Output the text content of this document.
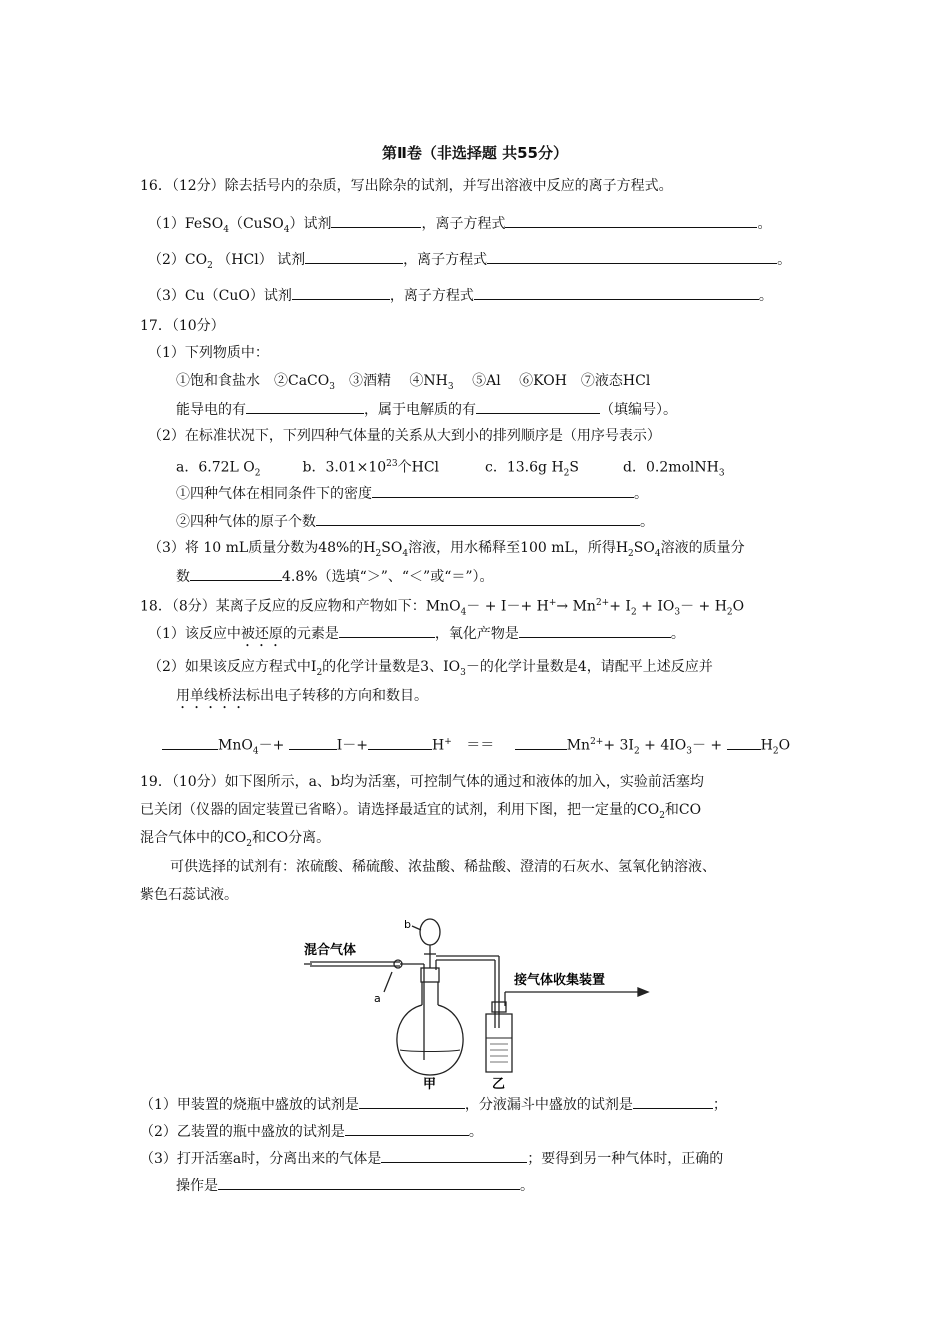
第Ⅱ卷（非选择题 共55分）
16．（12分）除去括号内的杂质，写出除杂的试剂，并写出溶液中反应的离子方程式。
（1）FeSO$_4$（CuSO$_4$）试剂	，离子方程式	。
$(2)CO_2$ （HCl） 试剂	，离子方程式	。
（3）Cu（CuO）试剂	，离子方程式	。
17．（10分）
（1）下列物质中：
①饱和食盐水　②CaCO$_3$　③酒精　 $④NH_3$　 ⑤Al　 ⑥KOH　⑦液态HCl
能导电的有	，属于电解质的有	（填编号）。
（2）在标准状况下，下列四种气体量的关系从大到小的排列顺序是（用序号表示）
a．6.72L $O_2$	b．$3.01\times 10^{23}$个HCl	c．13.6g $H_2S$	d．0.2molNH$_3$
①四种气体在相同条件下的密度	。
②四种气体的原子个数	。
（3）将 10 mL质量分数为48%的$H_2SO_4$溶液，用水稀释至100 mL，所得$H_2SO_4$溶液的质量分
数	4.8%（选填“＞”、“＜”或“＝”）。
18．（8分）某离子反应的反应物和产物如下：$MnO_4- + I-+ H^+\to Mn^{2+}+ I_2 + IO_3- + H_2O$
（1）该反应中被还原的元素是	，氧化产物是	。
（2）如果该反应方程式中$I_2$的化学计量数是3、$IO_3-$的化学计量数是4，请配平上述反应并
用单线桥法标出电子转移的方向和数目。
MnO$_4$－+	I－+	H+ ＝＝	$Mn^{2+}+ 3I_2 + 4IO_3-$ +	$H_2O$
19．（10分）如下图所示，a、b均为活塞，可控制气体的通过和液体的加入，实验前活塞均
已关闭（仪器的固定装置已省略）。请选择最适宜的试剂，利用下图，把一定量的$CO_2$和CO
混合气体中的$CO_2$和CO分离。
可供选择的试剂有：浓硫酸、稀硫酸、浓盐酸、稀盐酸、澄清的石灰水、氢氧化钠溶液、
紫色石蕊试液。
混合气体
接气体收集装置
b
a
甲	乙
（1）甲装置的烧瓶中盛放的试剂是	，分液漏斗中盛放的试剂是	；
（2）乙装置的瓶中盛放的试剂是	。
（3）打开活塞a时，分离出来的气体是	；要得到另一种气体时，正确的
操作是	。
